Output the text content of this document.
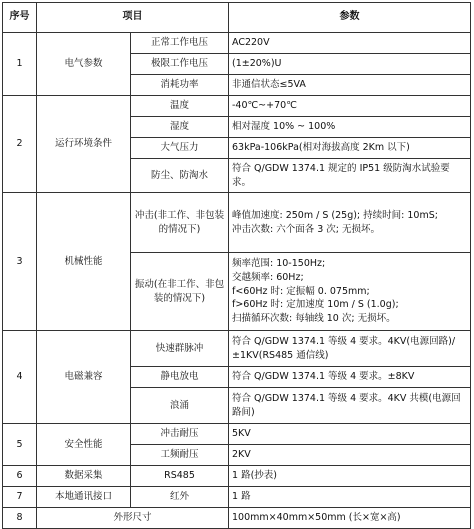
序号	项目		参数
1	电气参数	正常工作电压	AC220V
		极限工作电压	(1±20%)U
		消耗功率	非通信状态≤5VA
2	运行环境条件	温度	-40℃~+70℃
		湿度	相对湿度 10% ~ 100%
		大气压力	63kPa-106kPa(相对海拔高度 2Km 以下)
		防尘、防淘水	符合 Q/GDW 1374.1 规定的 IP51 级防淘水试验要求。
3	机械性能	冲击(非工作、非包装的情况下)	峰值加速度: 250m / S (25g); 持续时间: 10mS;
冲击次数: 六个面各 3 次; 无损坏。

		振动(在非工作、非包装的情况下)	频率范围: 10-150Hz;
交越频率: 60Hz;
f<60Hz 时: 定振幅 0. 075mm;
f>60Hz 时: 定加速度 10m / S (1.0g);
扫描循环次数: 每轴线 10 次; 无损坏。

4	电磁兼容	快速群脉冲	符合 Q/GDW 1374.1 等级 4 要求。4KV(电源回路)/±1KV(RS485 通信线)
		静电放电	符合 Q/GDW 1374.1 等级 4 要求。±8KV
		浪涌	符合 Q/GDW 1374.1 等级 4 要求。4KV 共模(电源回路间)
5	安全性能	冲击耐压	5KV
		工频耐压	2KV
6	数据采集	RS485	1 路(抄表)
7	本地通讯接口	红外	1 路
8	外形尺寸		100mm×40mm×50mm (长×宽×高)
